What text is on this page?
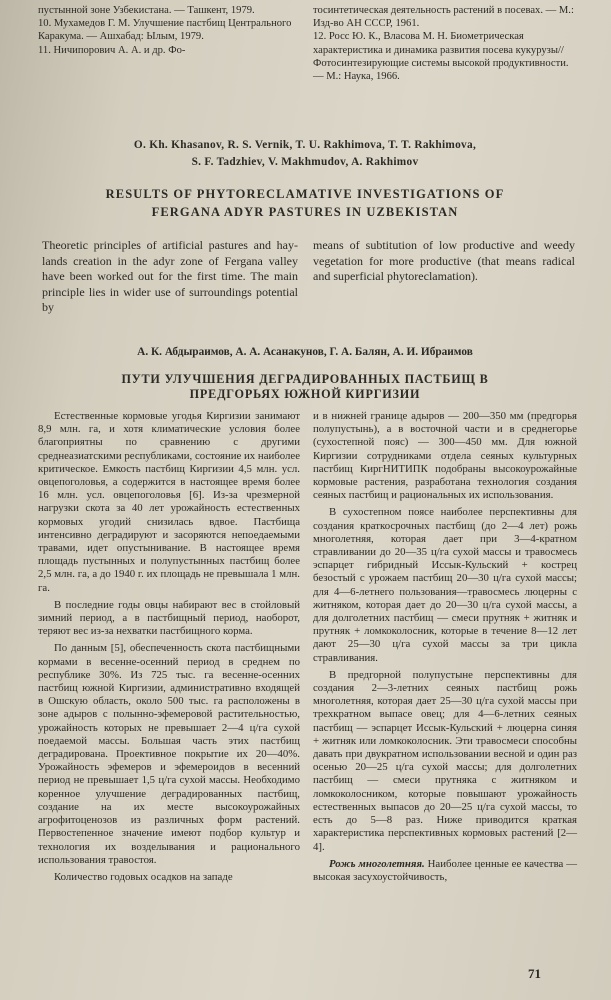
пустынной зоне Узбекистана. — Ташкент, 1979.

10. Мухамедов Г. М. Улучшение пастбищ Центрального Каракума. — Ашхабад: Ылым, 1979.

11. Ничипорович А. А. и др. Фо-

тосинтетическая деятельность растений в посевах. — М.: Изд-во АН СССР, 1961.

12. Росс Ю. К., Власова М. Н. Биометрическая характеристика и динамика развития посева кукурузы// Фотосинтезирующие системы высокой продуктивности. — М.: Наука, 1966.

O. Kh. Khasanov, R. S. Vernik, T. U. Rakhimova, T. T. Rakhimova,
S. F. Tadzhiev, V. Makhmudov, A. Rakhimov
RESULTS OF PHYTORECLAMATIVE INVESTIGATIONS OF
FERGANA ADYR PASTURES IN UZBEKISTAN

Theoretic principles of artificial pastures and hay-lands creation in the adyr zone of Fergana valley have been worked out for the first time. The main principle lies in wider use of surroundings potential by

means of subtitution of low productive and weedy vegetation for more productive (that means radical and superficial phytoreclamation).

А. К. Абдыраимов, А. А. Асанакунов, Г. А. Балян, А. И. Ибраимов
ПУТИ УЛУЧШЕНИЯ ДЕГРАДИРОВАННЫХ ПАСТБИЩ В
ПРЕДГОРЬЯХ ЮЖНОЙ КИРГИЗИИ

Естественные кормовые угодья Киргизии занимают 8,9 млн. га, и хотя климатические условия более благоприятны по сравнению с другими среднеазиатскими республиками, состояние их наиболее критическое. Емкость пастбищ Киргизии 4,5 млн. усл. овцепоголовья, а содержится в настоящее время более 16 млн. усл. овцепоголовья [6]. Из-за чрезмерной нагрузки скота за 40 лет урожайность естественных кормовых угодий снизилась вдвое. Пастбища интенсивно деградируют и засоряются непоедаемыми травами, идет опустынивание. В настоящее время площадь пустынных и полупустынных пастбищ более 2,5 млн. га, а до 1940 г. их площадь не превышала 1 млн. га.

В последние годы овцы набирают вес в стойловый зимний период, а в пастбищный период, наоборот, теряют вес из-за нехватки пастбищного корма.

По данным [5], обеспеченность скота пастбищными кормами в весенне-осенний период в среднем по республике 30%. Из 725 тыс. га весенне-осенних пастбищ южной Киргизии, административно входящей в Ошскую область, около 500 тыс. га расположены в зоне адыров с полынно-эфемеровой растительностью, урожайность которых не превышает 2—4 ц/га сухой поедаемой массы. Большая часть этих пастбищ деградирована. Проективное покрытие их 20—40%. Урожайность эфемеров и эфемероидов в весенний период не превышает 1,5 ц/га сухой массы. Необходимо коренное улучшение деградированных пастбищ, создание на их месте высокоурожайных агрофитоценозов из различных форм растений. Первостепенное значение имеют подбор культур и технология их возделывания и рационального использования травостоя.

Количество годовых осадков на западе

и в нижней границе адыров — 200—350 мм (предгорья полупустынь), а в восточной части и в среднегорье (сухостепной пояс) — 300—450 мм. Для южной Киргизии сотрудниками отдела сеяных культурных пастбищ КиргНИТИПК подобраны высокоурожайные кормовые растения, разработана технология создания сеяных пастбищ и рациональных их использования.

В сухостепном поясе наиболее перспективны для создания краткосрочных пастбищ (до 2—4 лет) рожь многолетняя, которая дает при 3—4-кратном стравливании до 20—35 ц/га сухой массы и травосмесь эспарцет гибридный Иссык-Кульский + кострец безостый с урожаем пастбищ 20—30 ц/га сухой массы; для 4—6-летнего пользования—травосмесь люцерны с житняком, которая дает до 20—30 ц/га сухой массы, а для долголетних пастбищ — смеси прутняк + житняк и прутняк + ломкоколосник, которые в течение 8—12 лет дают 25—30 ц/га сухой массы за три цикла стравливания.

В предгорной полупустыне перспективны для создания 2—3-летних сеяных пастбищ рожь многолетняя, которая дает 25—30 ц/га сухой массы при трехкратном выпасе овец; для 4—6-летних сеяных пастбищ — эспарцет Иссык-Кульский + люцерна синяя + житняк или ломкоколосник. Эти травосмеси способны давать при двукратном использовании весной и один раз осенью 20—25 ц/га сухой массы; для долголетних пастбищ — смеси прутняка с житняком и ломкоколосником, которые повышают урожайность естественных выпасов до 20—25 ц/га сухой массы, то есть до 5—8 раз. Ниже приводится краткая характеристика перспективных кормовых растений [2—4].

Рожь многолетняя. Наиболее ценные ее качества — высокая засухоустойчивость,

71
